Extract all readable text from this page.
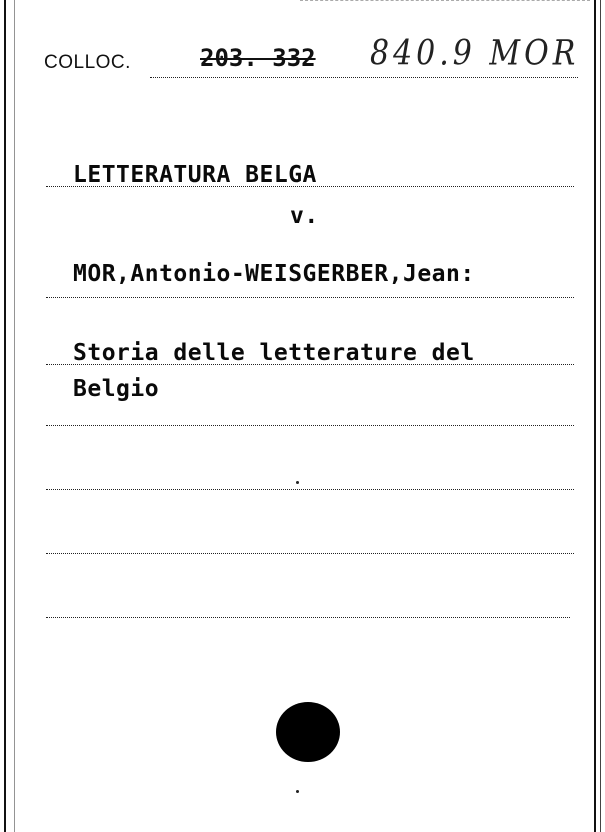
COLLOC.	203. 332 840.9 MOR
LETTERATURA BELGA
v.
MOR,Antonio-WEISGERBER,Jean:
Storia delle letterature del
Belgio
